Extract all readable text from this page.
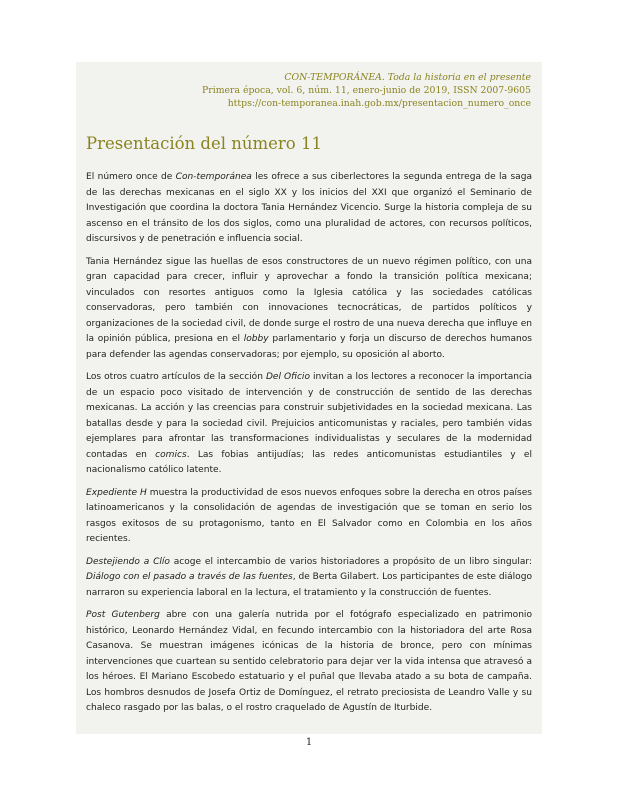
CON-TEMPORÁNEA. Toda la historia en el presente
Primera época, vol. 6, núm. 11, enero-junio de 2019, ISSN 2007-9605
https://con-temporanea.inah.gob.mx/presentacion_numero_once
Presentación del número 11

El número once de Con-temporánea les ofrece a sus ciberlectores la segunda entrega de la saga de las derechas mexicanas en el siglo XX y los inicios del XXI que organizó el Seminario de Investigación que coordina la doctora Tania Hernández Vicencio. Surge la historia compleja de su ascenso en el tránsito de los dos siglos, como una pluralidad de actores, con recursos políticos, discursivos y de penetración e influencia social.

Tania Hernández sigue las huellas de esos constructores de un nuevo régimen político, con una gran capacidad para crecer, influir y aprovechar a fondo la transición política mexicana; vinculados con resortes antiguos como la Iglesia católica y las sociedades católicas conservadoras, pero también con innovaciones tecnocráticas, de partidos políticos y organizaciones de la sociedad civil, de donde surge el rostro de una nueva derecha que influye en la opinión pública, presiona en el lobby parlamentario y forja un discurso de derechos humanos para defender las agendas conservadoras; por ejemplo, su oposición al aborto.

Los otros cuatro artículos de la sección Del Oficio invitan a los lectores a reconocer la importancia de un espacio poco visitado de intervención y de construcción de sentido de las derechas mexicanas. La acción y las creencias para construir subjetividades en la sociedad mexicana. Las batallas desde y para la sociedad civil. Prejuicios anticomunistas y raciales, pero también vidas ejemplares para afrontar las transformaciones individualistas y seculares de la modernidad contadas en comics. Las fobias antijudías; las redes anticomunistas estudiantiles y el nacionalismo católico latente.

Expediente H muestra la productividad de esos nuevos enfoques sobre la derecha en otros países latinoamericanos y la consolidación de agendas de investigación que se toman en serio los rasgos exitosos de su protagonismo, tanto en El Salvador como en Colombia en los años recientes.

Destejiendo a Clío acoge el intercambio de varios historiadores a propósito de un libro singular: Diálogo con el pasado a través de las fuentes, de Berta Gilabert. Los participantes de este diálogo narraron su experiencia laboral en la lectura, el tratamiento y la construcción de fuentes.

Post Gutenberg abre con una galería nutrida por el fotógrafo especializado en patrimonio histórico, Leonardo Hernández Vidal, en fecundo intercambio con la historiadora del arte Rosa Casanova. Se muestran imágenes icónicas de la historia de bronce, pero con mínimas intervenciones que cuartean su sentido celebratorio para dejar ver la vida intensa que atravesó a los héroes. El Mariano Escobedo estatuario y el puñal que llevaba atado a su bota de campaña. Los hombros desnudos de Josefa Ortiz de Domínguez, el retrato preciosista de Leandro Valle y su chaleco rasgado por las balas, o el rostro craquelado de Agustín de Iturbide.

1
